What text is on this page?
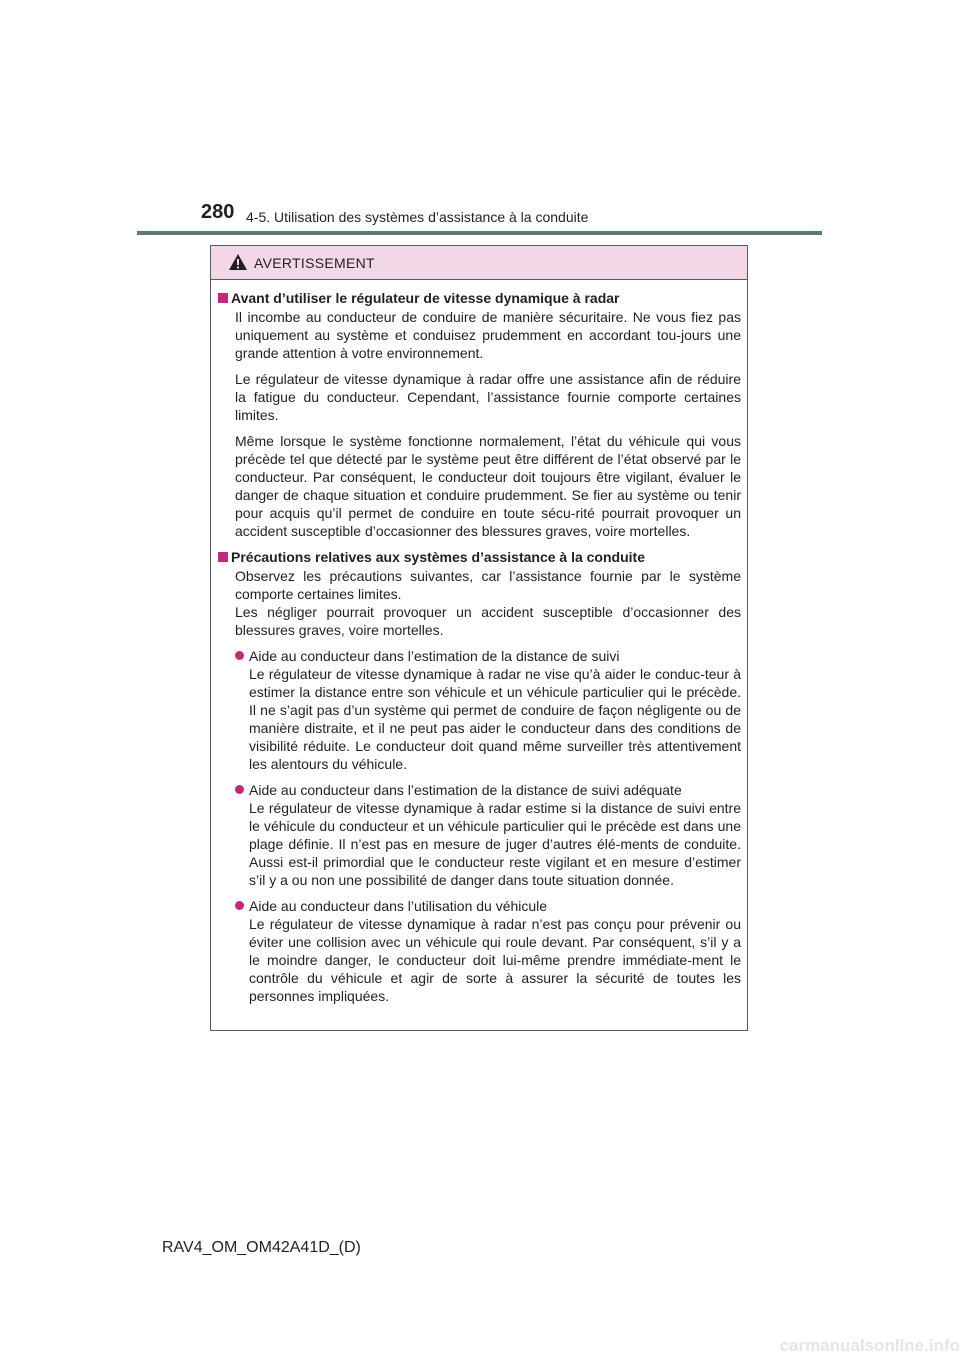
280 4-5. Utilisation des systèmes d’assistance à la conduite
AVERTISSEMENT
Avant d’utiliser le régulateur de vitesse dynamique à radar

Il incombe au conducteur de conduire de manière sécuritaire. Ne vous fiez pas uniquement au système et conduisez prudemment en accordant tou-jours une grande attention à votre environnement.

Le régulateur de vitesse dynamique à radar offre une assistance afin de réduire la fatigue du conducteur. Cependant, l’assistance fournie comporte certaines limites.

Même lorsque le système fonctionne normalement, l’état du véhicule qui vous précède tel que détecté par le système peut être différent de l’état observé par le conducteur. Par conséquent, le conducteur doit toujours être vigilant, évaluer le danger de chaque situation et conduire prudemment. Se fier au système ou tenir pour acquis qu’il permet de conduire en toute sécu-rité pourrait provoquer un accident susceptible d’occasionner des blessures graves, voire mortelles.

Précautions relatives aux systèmes d’assistance à la conduite

Observez les précautions suivantes, car l’assistance fournie par le système comporte certaines limites.

Les négliger pourrait provoquer un accident susceptible d’occasionner des blessures graves, voire mortelles.

Aide au conducteur dans l’estimation de la distance de suivi
Le régulateur de vitesse dynamique à radar ne vise qu’à aider le conduc-teur à estimer la distance entre son véhicule et un véhicule particulier qui le précède. Il ne s’agit pas d’un système qui permet de conduire de façon négligente ou de manière distraite, et il ne peut pas aider le conducteur dans des conditions de visibilité réduite. Le conducteur doit quand même surveiller très attentivement les alentours du véhicule.
Aide au conducteur dans l’estimation de la distance de suivi adéquate
Le régulateur de vitesse dynamique à radar estime si la distance de suivi entre le véhicule du conducteur et un véhicule particulier qui le précède est dans une plage définie. Il n’est pas en mesure de juger d’autres élé-ments de conduite. Aussi est-il primordial que le conducteur reste vigilant et en mesure d’estimer s’il y a ou non une possibilité de danger dans toute situation donnée.
Aide au conducteur dans l’utilisation du véhicule
Le régulateur de vitesse dynamique à radar n’est pas conçu pour prévenir ou éviter une collision avec un véhicule qui roule devant. Par conséquent, s’il y a le moindre danger, le conducteur doit lui-même prendre immédiate-ment le contrôle du véhicule et agir de sorte à assurer la sécurité de toutes les personnes impliquées.
RAV4_OM_OM42A41D_(D)
carmanualsonline.info
